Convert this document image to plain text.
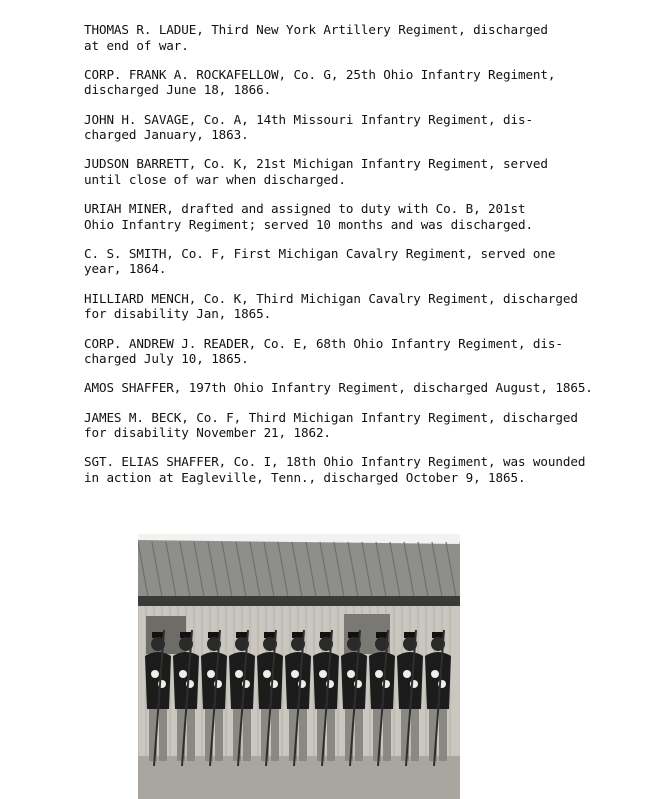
THOMAS R. LADUE, Third New York Artillery Regiment, discharged
at end of war.
CORP. FRANK A. ROCKAFELLOW, Co. G, 25th Ohio Infantry Regiment,
discharged June 18, 1866.
JOHN H. SAVAGE, Co. A, 14th Missouri Infantry Regiment, dis-
charged January, 1863.
JUDSON BARRETT, Co. K, 21st Michigan Infantry Regiment, served
until close of war when discharged.
URIAH MINER, drafted and assigned to duty with Co. B, 201st
Ohio Infantry Regiment; served 10 months and was discharged.
C. S. SMITH, Co. F, First Michigan Cavalry Regiment, served one
year, 1864.
HILLIARD MENCH, Co. K, Third Michigan Cavalry Regiment, discharged
for disability Jan, 1865.
CORP. ANDREW J. READER, Co. E, 68th Ohio Infantry Regiment, dis-
charged July 10, 1865.
AMOS SHAFFER, 197th Ohio Infantry Regiment, discharged August, 1865.
JAMES M. BECK, Co. F, Third Michigan Infantry Regiment, discharged
for disability November 21, 1862.
SGT. ELIAS SHAFFER, Co. I, 18th Ohio Infantry Regiment, was wounded
in action at Eagleville, Tenn., discharged October 9, 1865.
